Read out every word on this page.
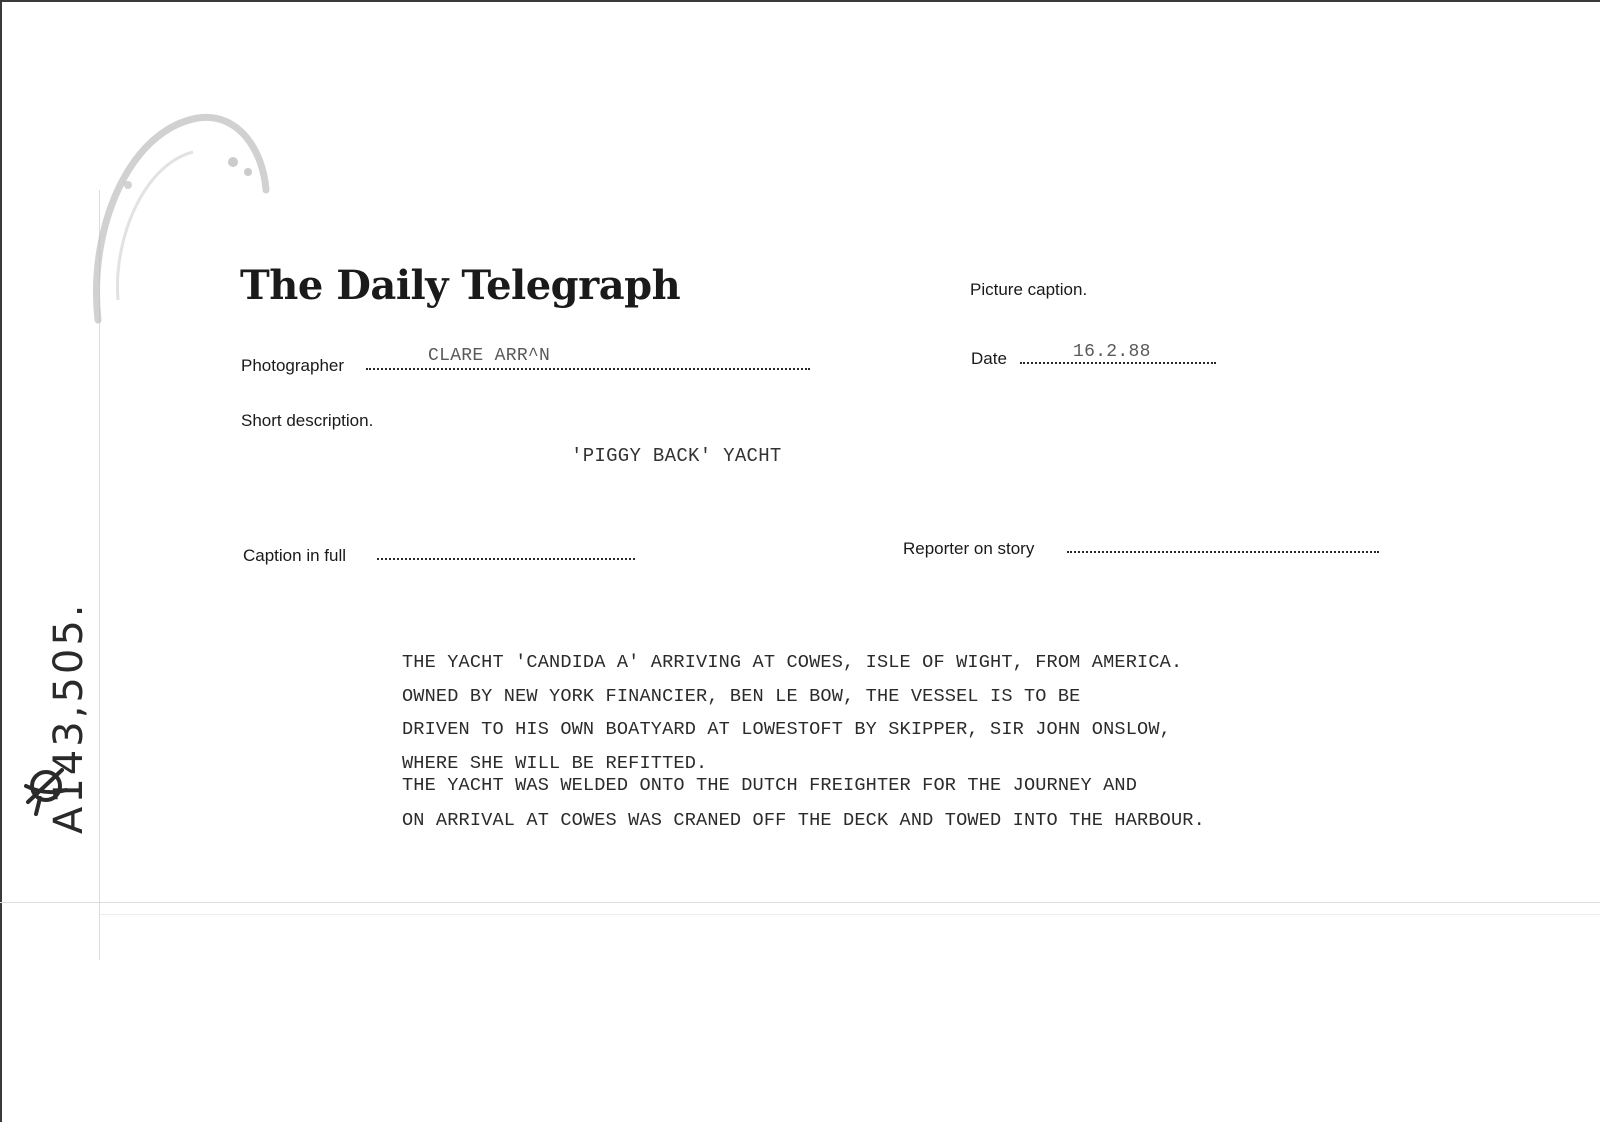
The Daily Telegraph	Picture caption.
Photographer	CLARE ARR^N	Date	16.2.88
Short description.
'PIGGY BACK' YACHT
Caption in full	Reporter on story
THE YACHT 'CANDIDA A' ARRIVING AT COWES, ISLE OF WIGHT, FROM AMERICA.
OWNED BY NEW YORK FINANCIER, BEN LE BOW, THE VESSEL IS TO BE
DRIVEN TO HIS OWN BOATYARD AT LOWESTOFT BY SKIPPER, SIR JOHN ONSLOW,
WHERE SHE WILL BE REFITTED.
THE YACHT WAS WELDED ONTO THE DUTCH FREIGHTER FOR THE JOURNEY AND
ON ARRIVAL AT COWES WAS CRANED OFF THE DECK AND TOWED INTO THE HARBOUR.
A143,505.
